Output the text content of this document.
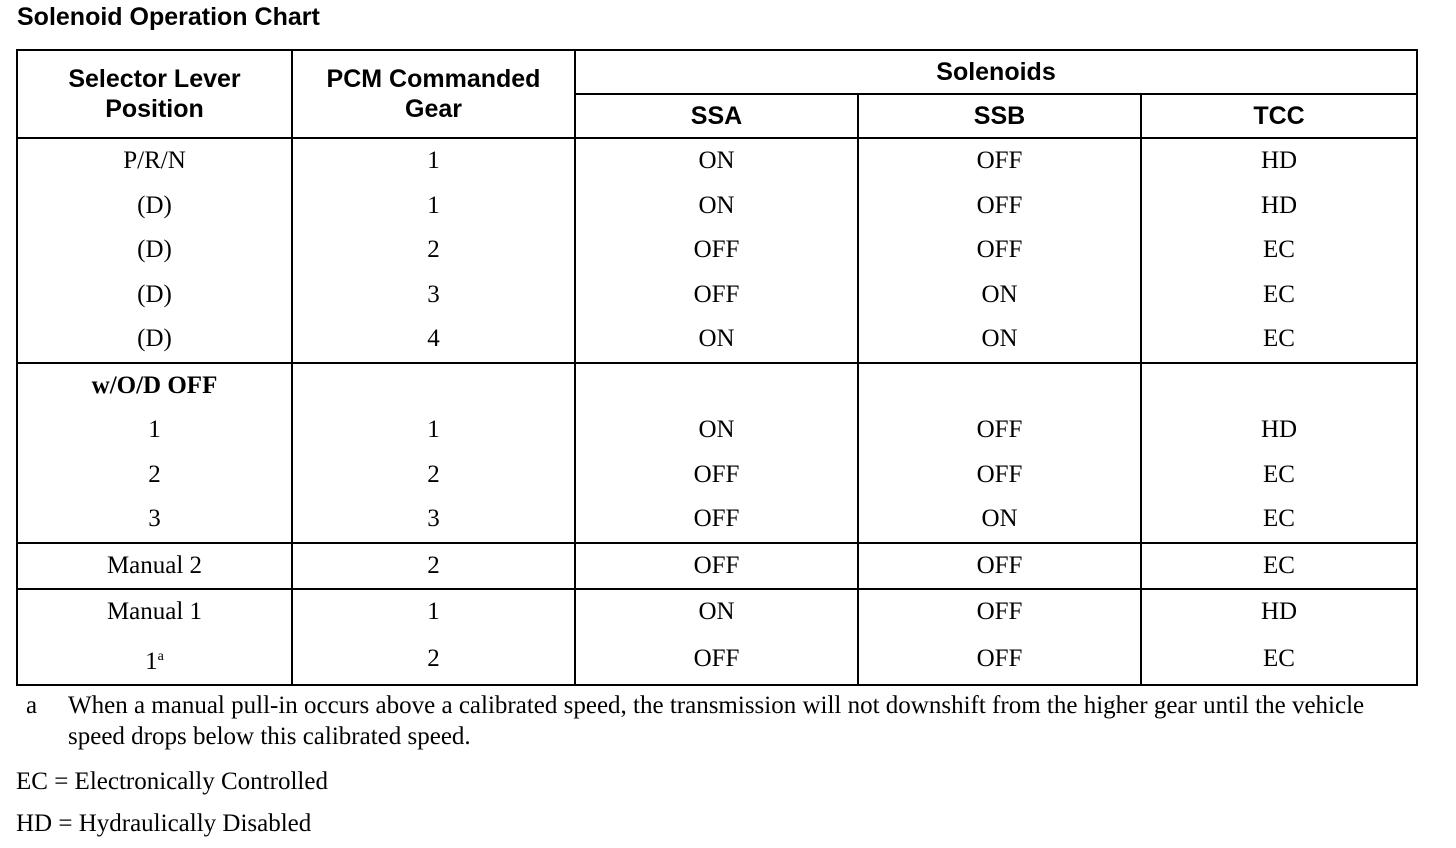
Solenoid Operation Chart
Selector Lever Position	PCM Commanded Gear	Solenoids		
		SSA	SSB	TCC
P/R/N	1	ON	OFF	HD
(D)	1	ON	OFF	HD
(D)	2	OFF	OFF	EC
(D)	3	OFF	ON	EC
(D)	4	ON	ON	EC
w/O/D OFF				
1	1	ON	OFF	HD
2	2	OFF	OFF	EC
3	3	OFF	ON	EC
Manual 2	2	OFF	OFF	EC
Manual 1	1	ON	OFF	HD
1$^a$	2	OFF	OFF	EC
a When a manual pull-in occurs above a calibrated speed, the transmission will not downshift from the higher gear until the vehicle speed drops below this calibrated speed.
EC = Electronically Controlled
HD = Hydraulically Disabled
